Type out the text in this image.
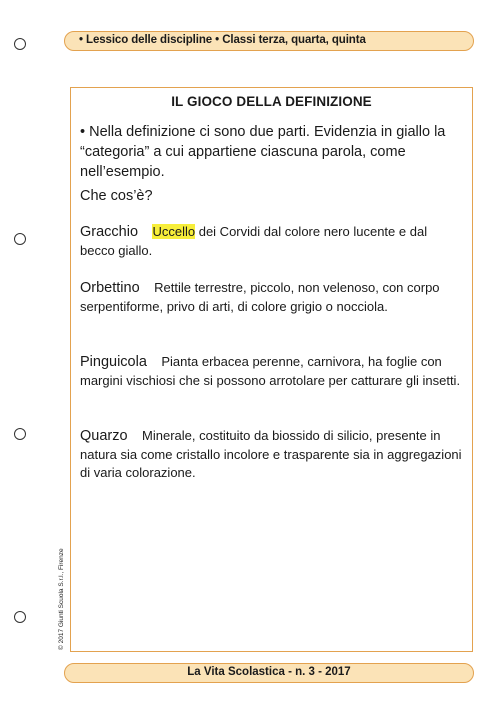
• Lessico delle discipline • Classi terza, quarta, quinta
IL GIOCO DELLA DEFINIZIONE
• Nella definizione ci sono due parti. Evidenzia in giallo la “categoria” a cui appartiene ciascuna parola, come nell’esempio.
Che cos’è?
Gracchio Uccello dei Corvidi dal colore nero lucente e dal becco giallo.
Orbettino Rettile terrestre, piccolo, non velenoso, con corpo serpentiforme, privo di arti, di colore grigio o nocciola.
Pinguicola Pianta erbacea perenne, carnivora, ha foglie con margini vischiosi che si possono arrotolare per catturare gli insetti.
Quarzo Minerale, costituito da biossido di silicio, presente in natura sia come cristallo incolore e trasparente sia in aggregazioni di varia colorazione.
© 2017 Giunti Scuola S.r.l., Firenze
La Vita Scolastica - n. 3 - 2017
